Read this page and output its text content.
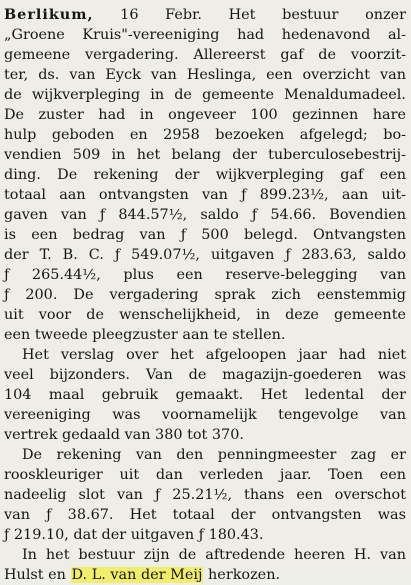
Berlikum, 16 Febr. Het bestuur onzer
„Groene Kruis"-vereeniging had hedenavond al-
gemeene vergadering. Allereerst gaf de voorzit-
ter, ds. van Eyck van Heslinga, een overzicht van
de wijkverpleging in de gemeente Menaldumadeel.
De zuster had in ongeveer 100 gezinnen hare
hulp geboden en 2958 bezoeken afgelegd; bo-
vendien 509 in het belang der tuberculosebestrij-
ding. De rekening der wijkverpleging gaf een
totaal aan ontvangsten van ƒ 899.23½, aan uit-
gaven van ƒ 844.57½, saldo ƒ 54.66. Bovendien
is een bedrag van ƒ 500 belegd. Ontvangsten
der T. B. C. ƒ 549.07½, uitgaven ƒ 283.63, saldo
ƒ 265.44½, plus een reserve-belegging van
ƒ 200. De vergadering sprak zich eenstemmig
uit voor de wenschelijkheid, in deze gemeente
een tweede pleegzuster aan te stellen.
Het verslag over het afgeloopen jaar had niet
veel bijzonders. Van de magazijn-goederen was
104 maal gebruik gemaakt. Het ledental der
vereeniging was voornamelijk tengevolge van
vertrek gedaald van 380 tot 370.
De rekening van den penningmeester zag er
rooskleuriger uit dan verleden jaar. Toen een
nadeelig slot van ƒ 25.21½, thans een overschot
van ƒ 38.67. Het totaal der ontvangsten was
ƒ 219.10, dat der uitgaven ƒ 180.43.
In het bestuur zijn de aftredende heeren H. van
Hulst en D. L. van der Meij herkozen.
